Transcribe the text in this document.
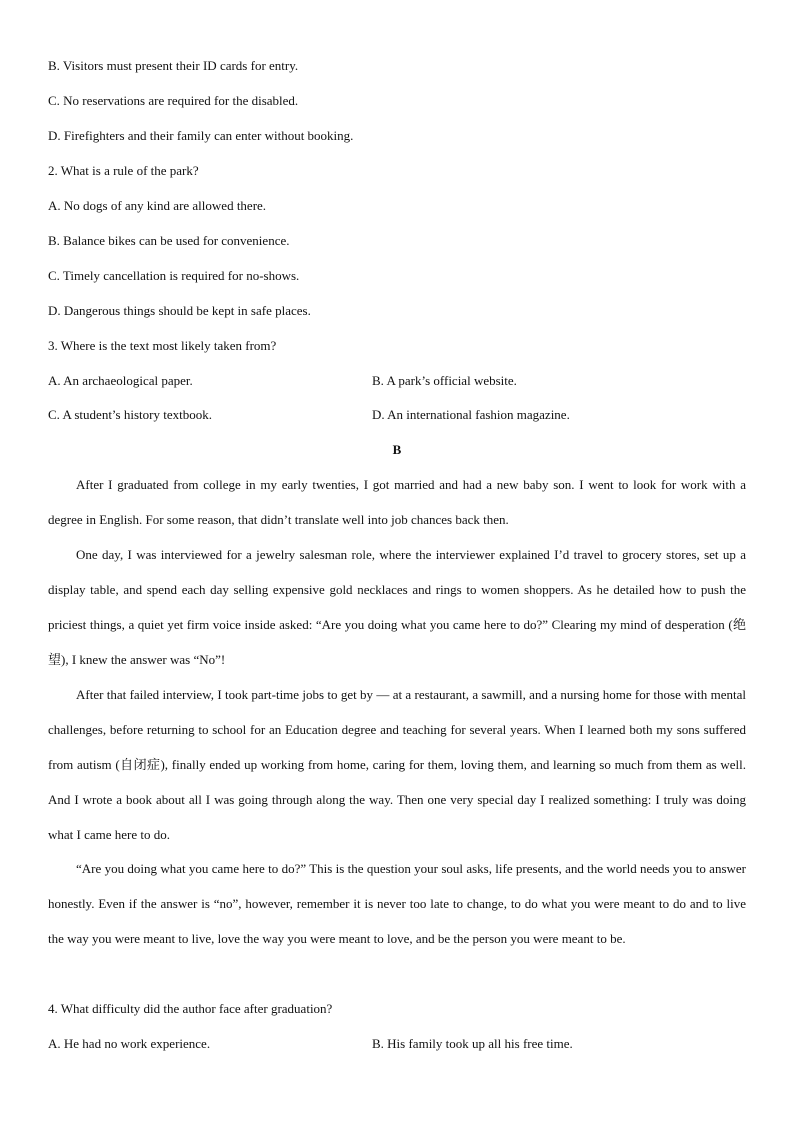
B. Visitors must present their ID cards for entry.
C. No reservations are required for the disabled.
D. Firefighters and their family can enter without booking.
2. What is a rule of the park?
A. No dogs of any kind are allowed there.
B. Balance bikes can be used for convenience.
C. Timely cancellation is required for no-shows.
D. Dangerous things should be kept in safe places.
3. Where is the text most likely taken from?
A. An archaeological paper.	B. A park’s official website.
C. A student’s history textbook.	D. An international fashion magazine.
B

After I graduated from college in my early twenties, I got married and had a new baby son. I went to look for work with a degree in English. For some reason, that didn’t translate well into job chances back then.

One day, I was interviewed for a jewelry salesman role, where the interviewer explained I’d travel to grocery stores, set up a display table, and spend each day selling expensive gold necklaces and rings to women shoppers. As he detailed how to push the priciest things, a quiet yet firm voice inside asked: “Are you doing what you came here to do?” Clearing my mind of desperation (绝望), I knew the answer was “No”!

After that failed interview, I took part-time jobs to get by — at a restaurant, a sawmill, and a nursing home for those with mental challenges, before returning to school for an Education degree and teaching for several years. When I learned both my sons suffered from autism (自闭症), finally ended up working from home, caring for them, loving them, and learning so much from them as well. And I wrote a book about all I was going through along the way. Then one very special day I realized something: I truly was doing what I came here to do.

“Are you doing what you came here to do?” This is the question your soul asks, life presents, and the world needs you to answer honestly. Even if the answer is “no”, however, remember it is never too late to change, to do what you were meant to do and to live the way you were meant to live, love the way you were meant to love, and be the person you were meant to be.

4. What difficulty did the author face after graduation?
A. He had no work experience.	B. His family took up all his free time.
